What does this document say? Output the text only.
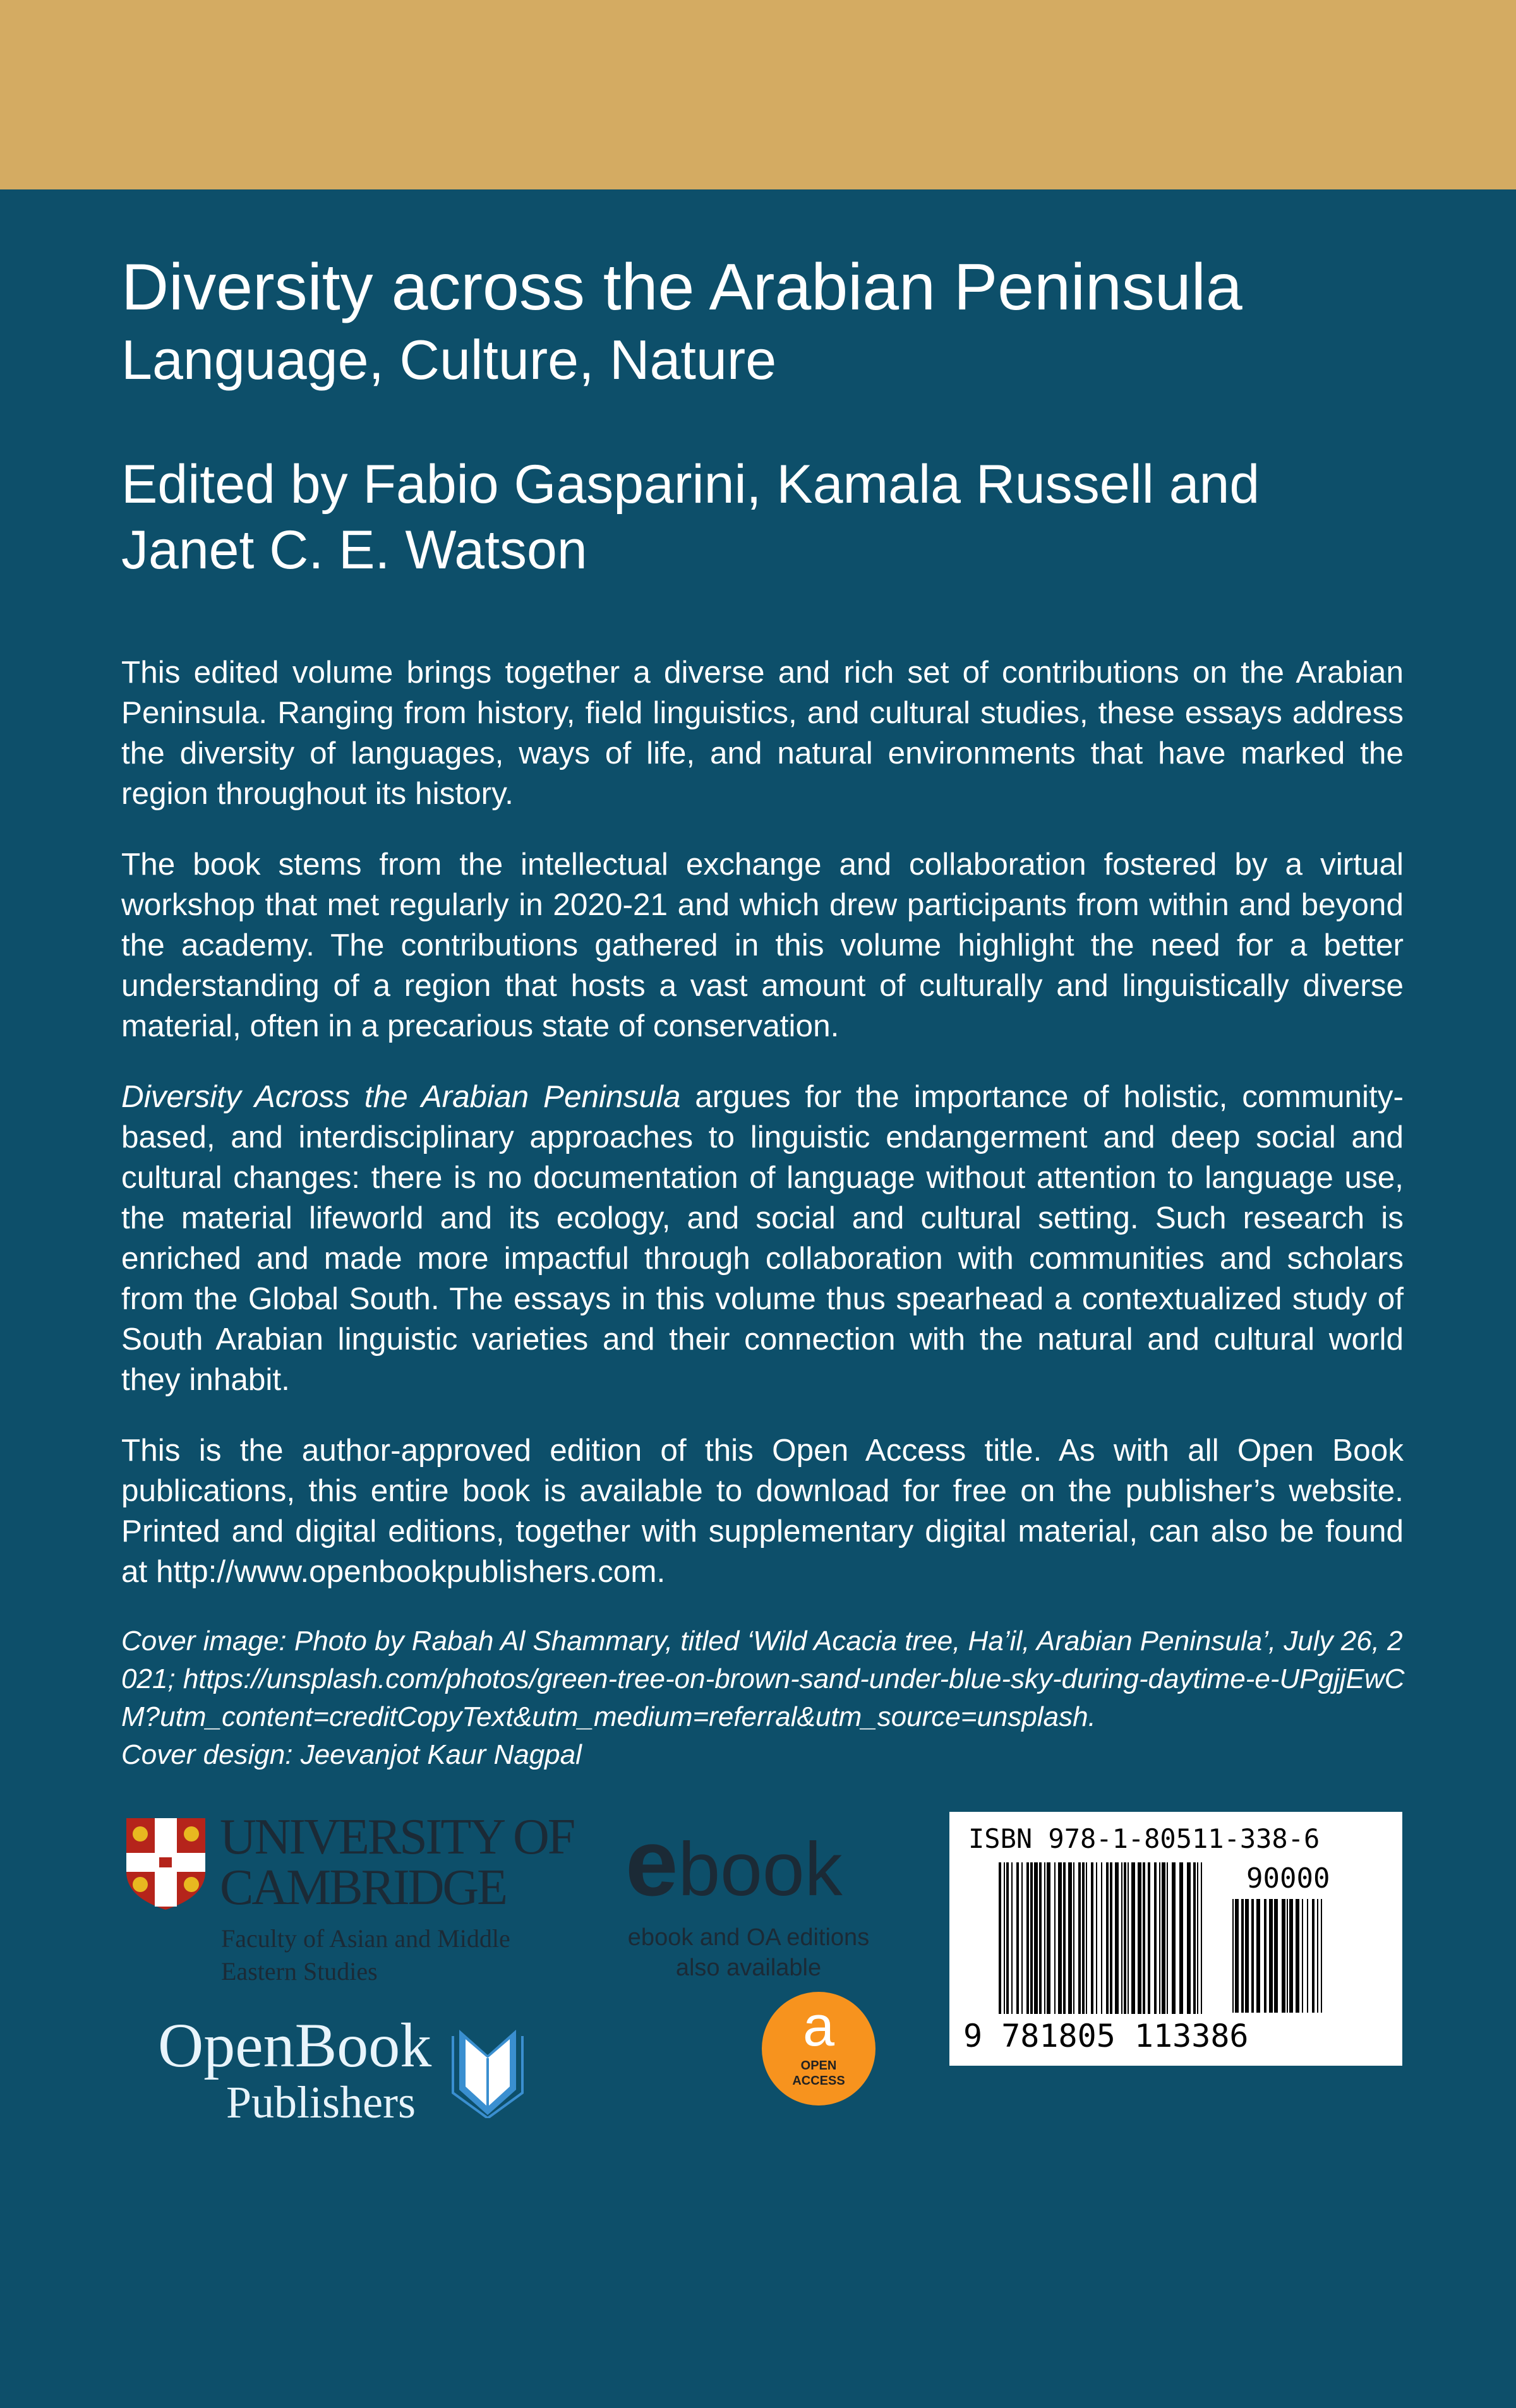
Diversity across the Arabian Peninsula
Language, Culture, Nature
Edited by Fabio Gasparini, Kamala Russell and Janet C. E. Watson

This edited volume brings together a diverse and rich set of contributions on the Arabian Peninsula. Ranging from history, field linguistics, and cultural studies, these essays address the diversity of languages, ways of life, and natural environments that have marked the region throughout its history.

The book stems from the intellectual exchange and collaboration fostered by a virtual workshop that met regularly in 2020-21 and which drew participants from within and beyond the academy. The contributions gathered in this volume highlight the need for a better understanding of a region that hosts a vast amount of culturally and linguistically diverse material, often in a precarious state of conservation.

Diversity Across the Arabian Peninsula argues for the importance of holistic, community-based, and interdisciplinary approaches to linguistic endangerment and deep social and cultural changes: there is no documentation of language without attention to language use, the material lifeworld and its ecology, and social and cultural setting. Such research is enriched and made more impactful through collaboration with communities and scholars from the Global South. The essays in this volume thus spearhead a contextualized study of South Arabian linguistic varieties and their connection with the natural and cultural world they inhabit.

This is the author-approved edition of this Open Access title. As with all Open Book publications, this entire book is available to download for free on the publisher’s website. Printed and digital editions, together with supplementary digital material, can also be found at http://www.openbookpublishers.com.

Cover image: Photo by Rabah Al Shammary, titled ‘Wild Acacia tree, Ha’il, Arabian Peninsula’, July 26, 2021; https://unsplash.com/photos/green-tree-on-brown-sand-under-blue-sky-during-daytime-e-UPgjjEwCM?utm_content=creditCopyText&utm_medium=referral&utm_source=unsplash.
Cover design: Jeevanjot Kaur Nagpal
UNIVERSITY OF
CAMBRIDGE
Faculty of Asian and Middle
Eastern Studies
ebook
ebook and OA editions
also available
a
OPEN
ACCESS
OpenBook
Publishers
ISBN 978-1-80511-338-6
90000
9 781805 113386
